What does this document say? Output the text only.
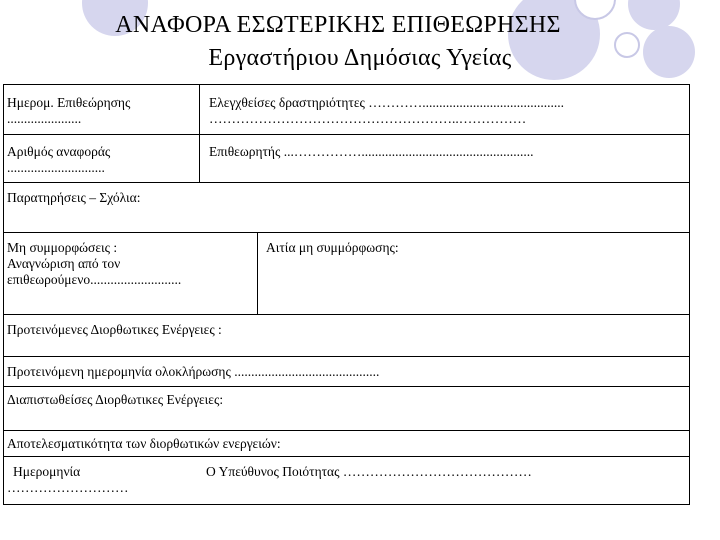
ΑΝΑΦΟΡΑ ΕΣΩΤΕΡΙΚΗΣ ΕΠΙΘΕΩΡΗΣΗΣ
Εργαστήριου Δημόσιας Υγείας
Ημερομ. Επιθεώρησης
......................
Ελεγχθείσες δραστηριότητες …………..........................................
………………………………………………..……………
Αριθμός αναφοράς
.............................
Επιθεωρητής ...……………...................................................
Παρατηρήσεις – Σχόλια:
Μη συμμορφώσεις :
Αναγνώριση από τον
επιθεωρούμενο...........................
Αιτία μη συμμόρφωσης:
Προτεινόμενες Διορθωτικες Ενέργειες :
Προτεινόμενη ημερομηνία ολοκλήρωσης ...........................................
Διαπιστωθείσες Διορθωτικες Ενέργειες:
Αποτελεσματικότητα των διορθωτικών ενεργειών:
Ημερομηνία
………………………
Ο Υπεύθυνος Ποιότητας ……………………………………
